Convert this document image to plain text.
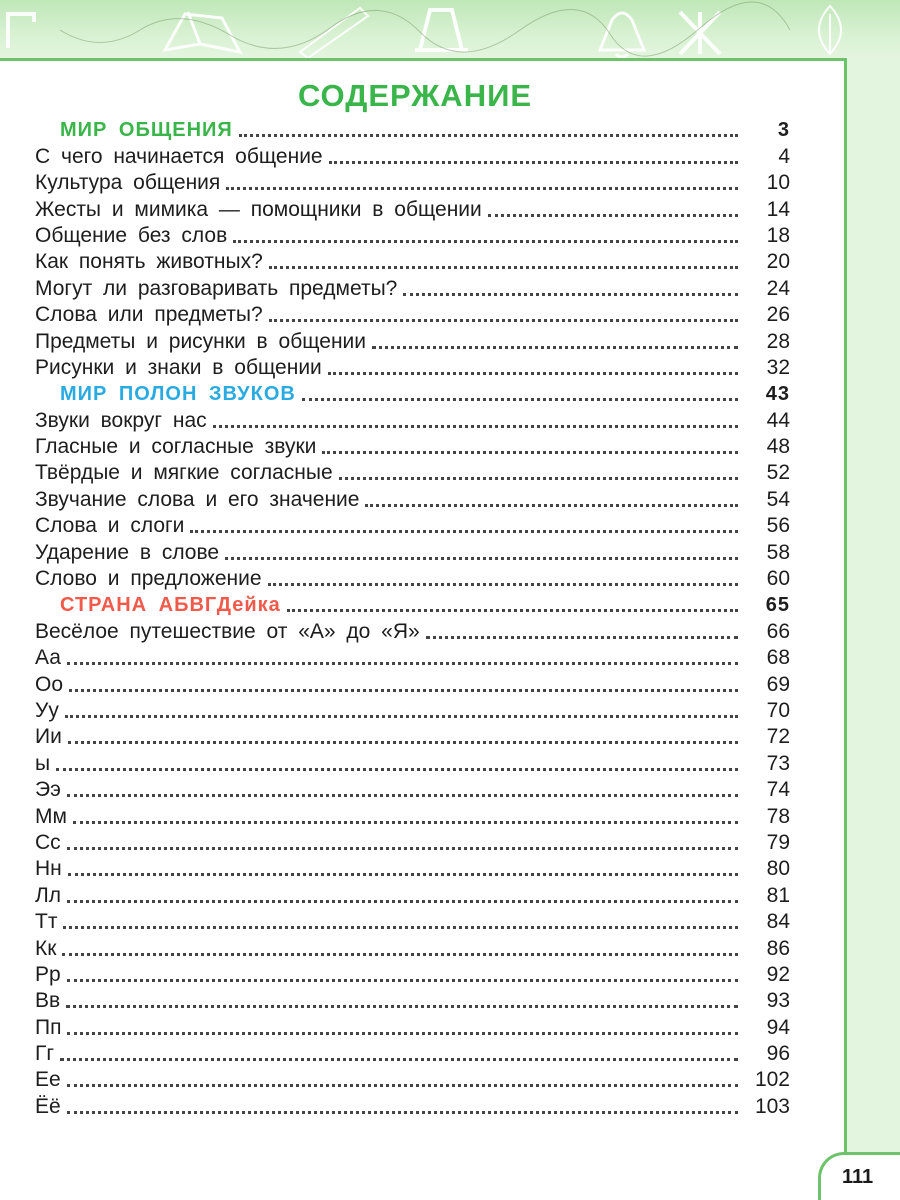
СОДЕРЖАНИЕ
МИР ОБЩЕНИЯ	3
С чего начинается общение	4
Культура общения	10
Жесты и мимика — помощники в общении	14
Общение без слов	18
Как понять животных?	20
Могут ли разговаривать предметы?	24
Слова или предметы?	26
Предметы и рисунки в общении	28
Рисунки и знаки в общении	32
МИР ПОЛОН ЗВУКОВ	43
Звуки вокруг нас	44
Гласные и согласные звуки	48
Твёрдые и мягкие согласные	52
Звучание слова и его значение	54
Слова и слоги	56
Ударение в слове	58
Слово и предложение	60
СТРАНА АБВГДейка	65
Весёлое путешествие от «А» до «Я»	66
Аа	68
Оо	69
Уу	70
Ии	72
ы	73
Ээ	74
Мм	78
Сс	79
Нн	80
Лл	81
Тт	84
Кк	86
Рр	92
Вв	93
Пп	94
Гг	96
Ее	102
Ёё	103
111
